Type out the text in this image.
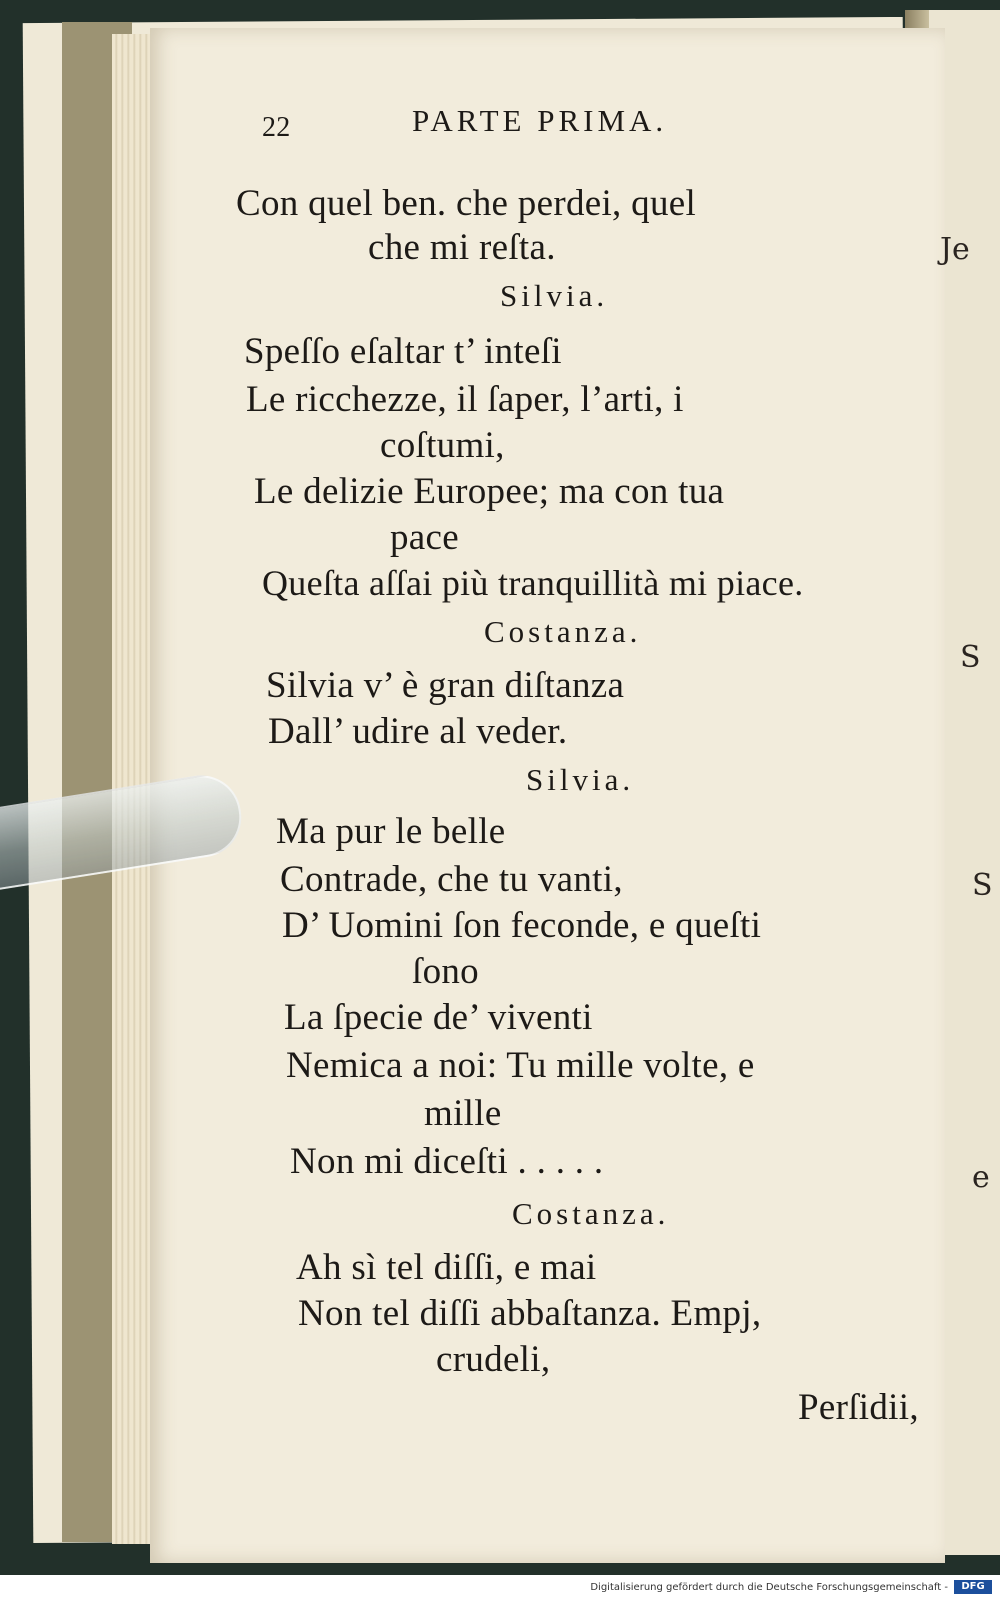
Je
S
S
e
22	PARTE PRIMA.
Con quel ben. che perdei, quel
che mi reſta.
Silvia.
Speſſo eſaltar t’ inteſi
Le ricchezze, il ſaper, l’arti, i
coſtumi,
Le delizie Europee; ma con tua
pace
Queſta aſſai più tranquillità mi piace.
Costanza.
Silvia v’ è gran diſtanza
Dall’ udire al veder.
Silvia.
Ma pur le belle
Contrade, che tu vanti,
D’ Uomini ſon feconde, e queſti
ſono
La ſpecie de’ viventi
Nemica a noi: Tu mille volte, e
mille
Non mi diceſti . . . . .
Costanza.
Ah sì tel diſſi, e mai
Non tel diſſi abbaſtanza. Empj,
crudeli,
Perſidii,
Digitalisierung gefördert durch die Deutsche Forschungsgemeinschaft -	DFG
